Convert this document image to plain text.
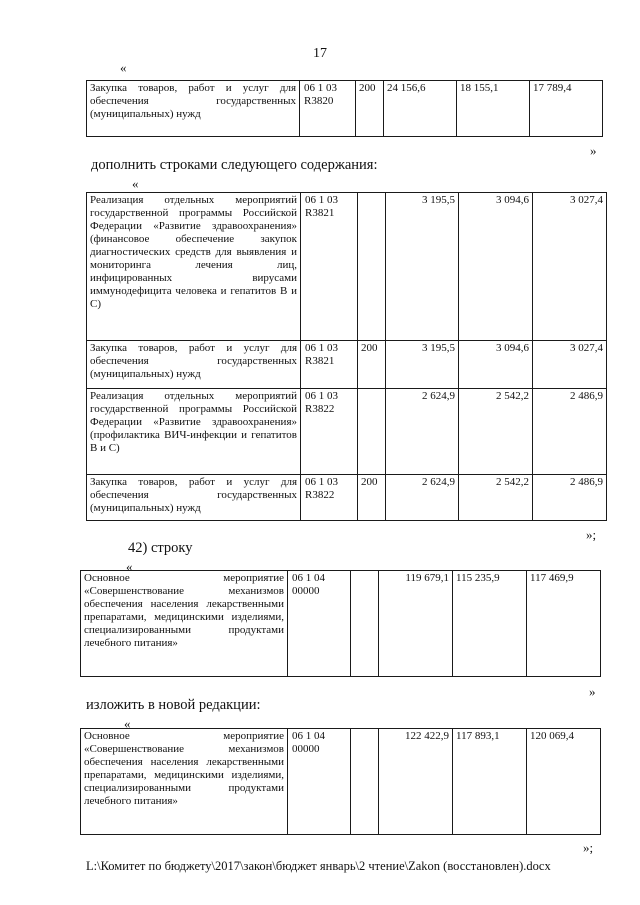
17
«
Закупка товаров, работ и услуг для обеспечения государственных (муниципальных) нужд	06 1 03 R3820	200	24 156,6	18 155,1	17 789,4
»
дополнить строками следующего содержания:
«
Реализация отдельных мероприятий государственной программы Российской Федерации «Развитие здравоохранения» (финансовое обеспечение закупок диагностических средств для выявления и мониторинга лечения лиц, инфицированных вирусами иммунодефицита человека и гепатитов В и С)	06 1 03 R3821		3 195,5	3 094,6	3 027,4
Закупка товаров, работ и услуг для обеспечения государственных (муниципальных) нужд	06 1 03 R3821	200	3 195,5	3 094,6	3 027,4
Реализация отдельных мероприятий государственной программы Российской Федерации «Развитие здравоохранения» (профилактика ВИЧ-инфекции и гепатитов В и С)	06 1 03 R3822		2 624,9	2 542,2	2 486,9
Закупка товаров, работ и услуг для обеспечения государственных (муниципальных) нужд	06 1 03 R3822	200	2 624,9	2 542,2	2 486,9
»;
42) строку
«
Основное мероприятие «Совершенствование механизмов обеспечения населения лекарственными препаратами, медицинскими изделиями, специализированными продуктами лечебного питания»	06 1 04 00000		119 679,1	115 235,9	117 469,9
»
изложить в новой редакции:
«
Основное мероприятие «Совершенствование механизмов обеспечения населения лекарственными препаратами, медицинскими изделиями, специализированными продуктами лечебного питания»	06 1 04 00000		122 422,9	117 893,1	120 069,4
»;
L:\Комитет по бюджету\2017\закон\бюджет январь\2 чтение\Zakon (восстановлен).docx
